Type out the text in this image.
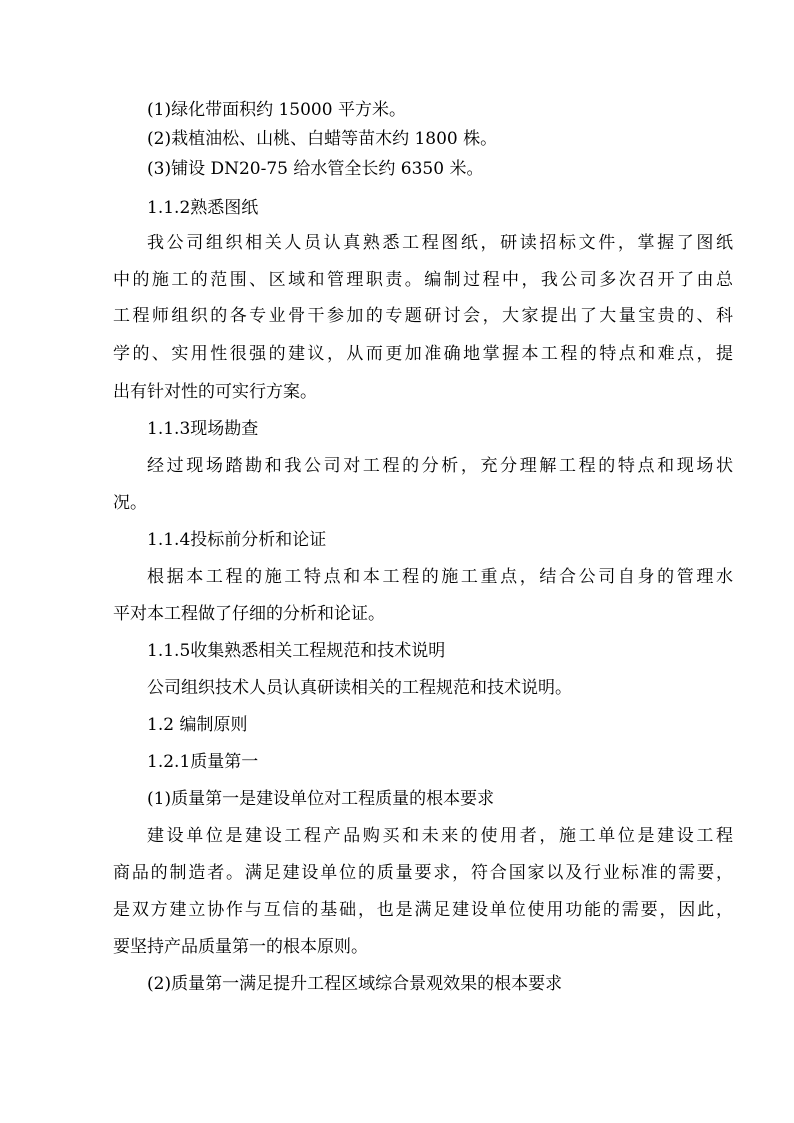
(1)绿化带面积约 15000 平方米。
(2)栽植油松、山桃、白蜡等苗木约 1800 株。
(3)铺设 DN20-75 给水管全长约 6350 米。
1.1.2熟悉图纸
我公司组织相关人员认真熟悉工程图纸，研读招标文件，掌握了图纸
中的施工的范围、区域和管理职责。编制过程中，我公司多次召开了由总
工程师组织的各专业骨干参加的专题研讨会，大家提出了大量宝贵的、科
学的、实用性很强的建议，从而更加准确地掌握本工程的特点和难点，提
出有针对性的可实行方案。
1.1.3现场勘查
经过现场踏勘和我公司对工程的分析，充分理解工程的特点和现场状
况。
1.1.4投标前分析和论证
根据本工程的施工特点和本工程的施工重点，结合公司自身的管理水
平对本工程做了仔细的分析和论证。
1.1.5收集熟悉相关工程规范和技术说明
公司组织技术人员认真研读相关的工程规范和技术说明。
1.2 编制原则
1.2.1质量第一
(1)质量第一是建设单位对工程质量的根本要求
建设单位是建设工程产品购买和未来的使用者，施工单位是建设工程
商品的制造者。满足建设单位的质量要求，符合国家以及行业标准的需要，
是双方建立协作与互信的基础，也是满足建设单位使用功能的需要，因此，
要坚持产品质量第一的根本原则。
(2)质量第一满足提升工程区域综合景观效果的根本要求
